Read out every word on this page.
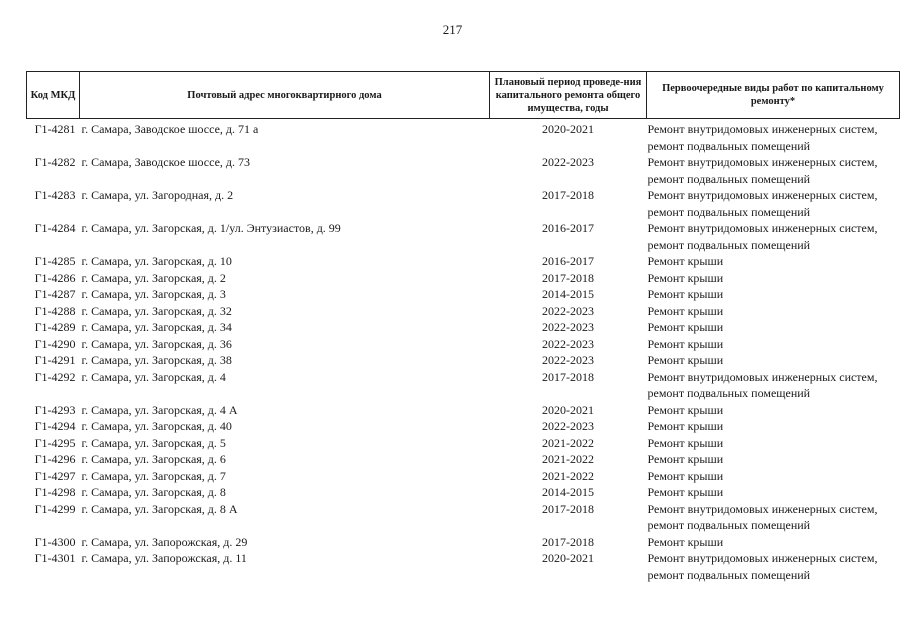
217
Код МКД	Почтовый адрес многоквартирного дома	Плановый период проведе-ния капитального ремонта общего имущества, годы	Первоочередные виды работ по капитальному ремонту*
Г1-4281	г. Самара, Заводское шоссе, д. 71 а	2020-2021	Ремонт внутридомовых инженерных систем, ремонт подвальных помещений
Г1-4282	г. Самара, Заводское шоссе, д. 73	2022-2023	Ремонт внутридомовых инженерных систем, ремонт подвальных помещений
Г1-4283	г. Самара, ул. Загородная, д. 2	2017-2018	Ремонт внутридомовых инженерных систем, ремонт подвальных помещений
Г1-4284	г. Самара, ул. Загорская, д. 1/ул. Энтузиастов, д. 99	2016-2017	Ремонт внутридомовых инженерных систем, ремонт подвальных помещений
Г1-4285	г. Самара, ул. Загорская, д. 10	2016-2017	Ремонт крыши
Г1-4286	г. Самара, ул. Загорская, д. 2	2017-2018	Ремонт крыши
Г1-4287	г. Самара, ул. Загорская, д. 3	2014-2015	Ремонт крыши
Г1-4288	г. Самара, ул. Загорская, д. 32	2022-2023	Ремонт крыши
Г1-4289	г. Самара, ул. Загорская, д. 34	2022-2023	Ремонт крыши
Г1-4290	г. Самара, ул. Загорская, д. 36	2022-2023	Ремонт крыши
Г1-4291	г. Самара, ул. Загорская, д. 38	2022-2023	Ремонт крыши
Г1-4292	г. Самара, ул. Загорская, д. 4	2017-2018	Ремонт внутридомовых инженерных систем, ремонт подвальных помещений
Г1-4293	г. Самара, ул. Загорская, д. 4 А	2020-2021	Ремонт крыши
Г1-4294	г. Самара, ул. Загорская, д. 40	2022-2023	Ремонт крыши
Г1-4295	г. Самара, ул. Загорская, д. 5	2021-2022	Ремонт крыши
Г1-4296	г. Самара, ул. Загорская, д. 6	2021-2022	Ремонт крыши
Г1-4297	г. Самара, ул. Загорская, д. 7	2021-2022	Ремонт крыши
Г1-4298	г. Самара, ул. Загорская, д. 8	2014-2015	Ремонт крыши
Г1-4299	г. Самара, ул. Загорская, д. 8 А	2017-2018	Ремонт внутридомовых инженерных систем, ремонт подвальных помещений
Г1-4300	г. Самара, ул. Запорожская, д. 29	2017-2018	Ремонт крыши
Г1-4301	г. Самара, ул. Запорожская, д. 11	2020-2021	Ремонт внутридомовых инженерных систем, ремонт подвальных помещений
